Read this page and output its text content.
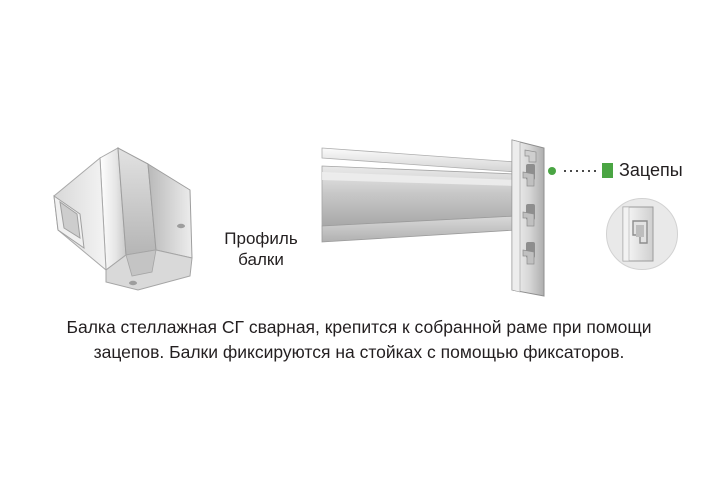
Профиль
балки
Зацепы
Балка стеллажная СГ сварная, крепится к собранной раме при помощи
зацепов. Балки фиксируются на стойках с помощью фиксаторов.
